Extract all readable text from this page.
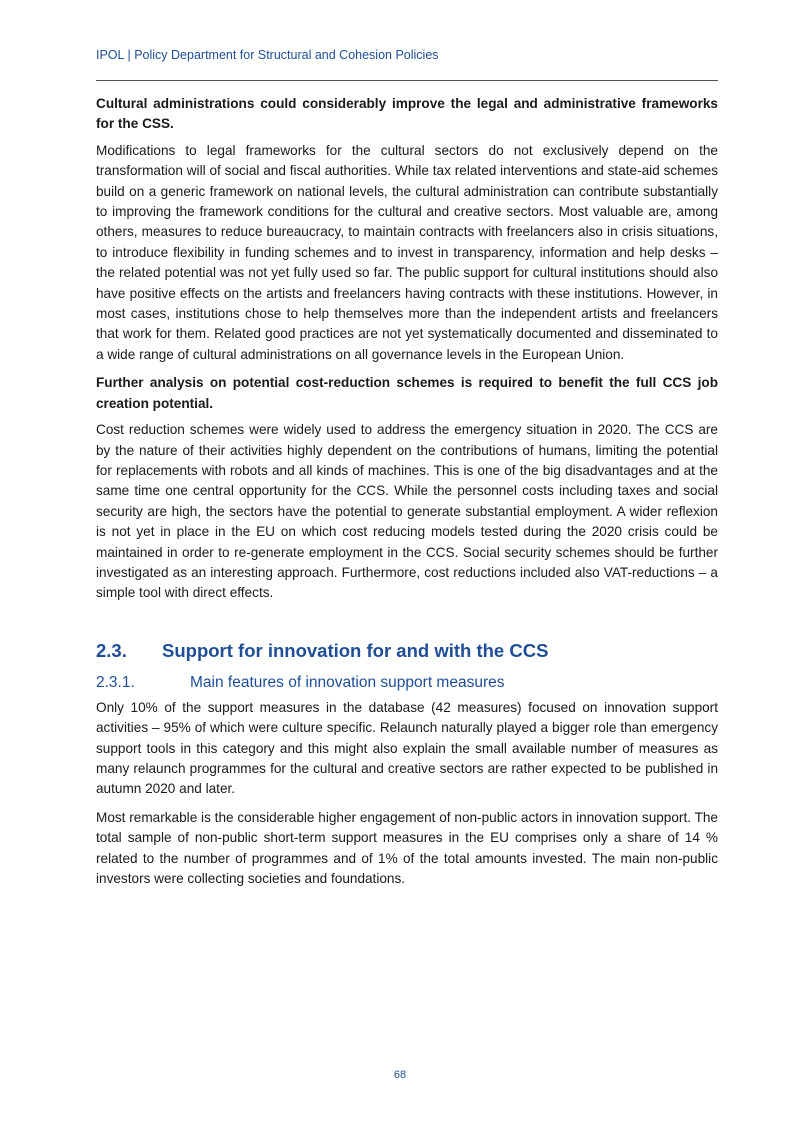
IPOL | Policy Department for Structural and Cohesion Policies

Cultural administrations could considerably improve the legal and administrative frameworks for the CSS.

Modifications to legal frameworks for the cultural sectors do not exclusively depend on the transformation will of social and fiscal authorities. While tax related interventions and state-aid schemes build on a generic framework on national levels, the cultural administration can contribute substantially to improving the framework conditions for the cultural and creative sectors. Most valuable are, among others, measures to reduce bureaucracy, to maintain contracts with freelancers also in crisis situations, to introduce flexibility in funding schemes and to invest in transparency, information and help desks – the related potential was not yet fully used so far. The public support for cultural institutions should also have positive effects on the artists and freelancers having contracts with these institutions. However, in most cases, institutions chose to help themselves more than the independent artists and freelancers that work for them. Related good practices are not yet systematically documented and disseminated to a wide range of cultural administrations on all governance levels in the European Union.

Further analysis on potential cost-reduction schemes is required to benefit the full CCS job creation potential.

Cost reduction schemes were widely used to address the emergency situation in 2020. The CCS are by the nature of their activities highly dependent on the contributions of humans, limiting the potential for replacements with robots and all kinds of machines. This is one of the big disadvantages and at the same time one central opportunity for the CCS. While the personnel costs including taxes and social security are high, the sectors have the potential to generate substantial employment. A wider reflexion is not yet in place in the EU on which cost reducing models tested during the 2020 crisis could be maintained in order to re-generate employment in the CCS. Social security schemes should be further investigated as an interesting approach. Furthermore, cost reductions included also VAT-reductions – a simple tool with direct effects.

2.3. Support for innovation for and with the CCS
2.3.1.	Main features of innovation support measures

Only 10% of the support measures in the database (42 measures) focused on innovation support activities – 95% of which were culture specific. Relaunch naturally played a bigger role than emergency support tools in this category and this might also explain the small available number of measures as many relaunch programmes for the cultural and creative sectors are rather expected to be published in autumn 2020 and later.

Most remarkable is the considerable higher engagement of non-public actors in innovation support. The total sample of non-public short-term support measures in the EU comprises only a share of 14 % related to the number of programmes and of 1% of the total amounts invested. The main non-public investors were collecting societies and foundations.

68
